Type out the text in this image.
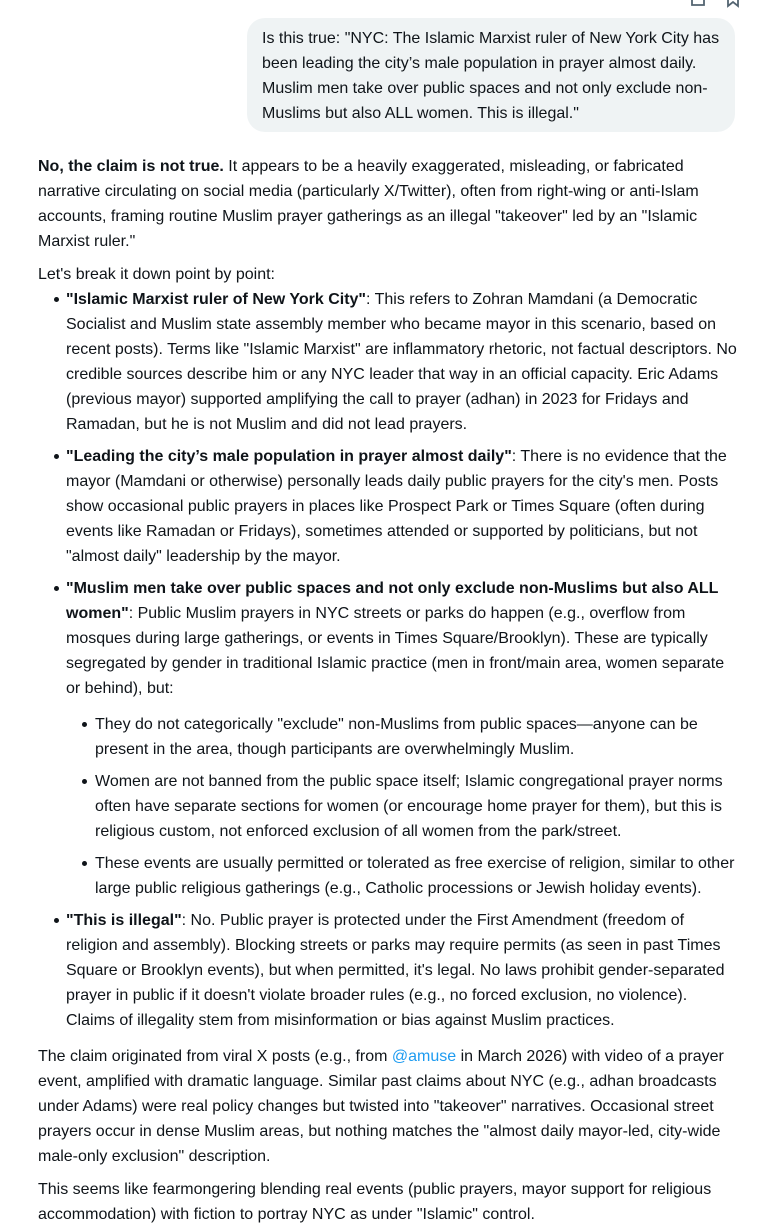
Is this true: "NYC: The Islamic Marxist ruler of New York City has been leading the city’s male population in prayer almost daily. Muslim men take over public spaces and not only exclude non-Muslims but also ALL women. This is illegal."

No, the claim is not true. It appears to be a heavily exaggerated, misleading, or fabricated narrative circulating on social media (particularly X/Twitter), often from right-wing or anti-Islam accounts, framing routine Muslim prayer gatherings as an illegal "takeover" led by an "Islamic Marxist ruler."

Let's break it down point by point:

"Islamic Marxist ruler of New York City": This refers to Zohran Mamdani (a Democratic Socialist and Muslim state assembly member who became mayor in this scenario, based on recent posts). Terms like "Islamic Marxist" are inflammatory rhetoric, not factual descriptors. No credible sources describe him or any NYC leader that way in an official capacity. Eric Adams (previous mayor) supported amplifying the call to prayer (adhan) in 2023 for Fridays and Ramadan, but he is not Muslim and did not lead prayers.
"Leading the city’s male population in prayer almost daily": There is no evidence that the mayor (Mamdani or otherwise) personally leads daily public prayers for the city's men. Posts show occasional public prayers in places like Prospect Park or Times Square (often during events like Ramadan or Fridays), sometimes attended or supported by politicians, but not "almost daily" leadership by the mayor.
"Muslim men take over public spaces and not only exclude non-Muslims but also ALL women": Public Muslim prayers in NYC streets or parks do happen (e.g., overflow from mosques during large gatherings, or events in Times Square/Brooklyn). These are typically segregated by gender in traditional Islamic practice (men in front/main area, women separate or behind), but:
They do not categorically "exclude" non-Muslims from public spaces—anyone can be present in the area, though participants are overwhelmingly Muslim.
Women are not banned from the public space itself; Islamic congregational prayer norms often have separate sections for women (or encourage home prayer for them), but this is religious custom, not enforced exclusion of all women from the park/street.
These events are usually permitted or tolerated as free exercise of religion, similar to other large public religious gatherings (e.g., Catholic processions or Jewish holiday events).
"This is illegal": No. Public prayer is protected under the First Amendment (freedom of religion and assembly). Blocking streets or parks may require permits (as seen in past Times Square or Brooklyn events), but when permitted, it's legal. No laws prohibit gender-separated prayer in public if it doesn't violate broader rules (e.g., no forced exclusion, no violence). Claims of illegality stem from misinformation or bias against Muslim practices.

The claim originated from viral X posts (e.g., from @amuse in March 2026) with video of a prayer event, amplified with dramatic language. Similar past claims about NYC (e.g., adhan broadcasts under Adams) were real policy changes but twisted into "takeover" narratives. Occasional street prayers occur in dense Muslim areas, but nothing matches the "almost daily mayor-led, city-wide male-only exclusion" description.

This seems like fearmongering blending real events (public prayers, mayor support for religious accommodation) with fiction to portray NYC as under "Islamic" control.
